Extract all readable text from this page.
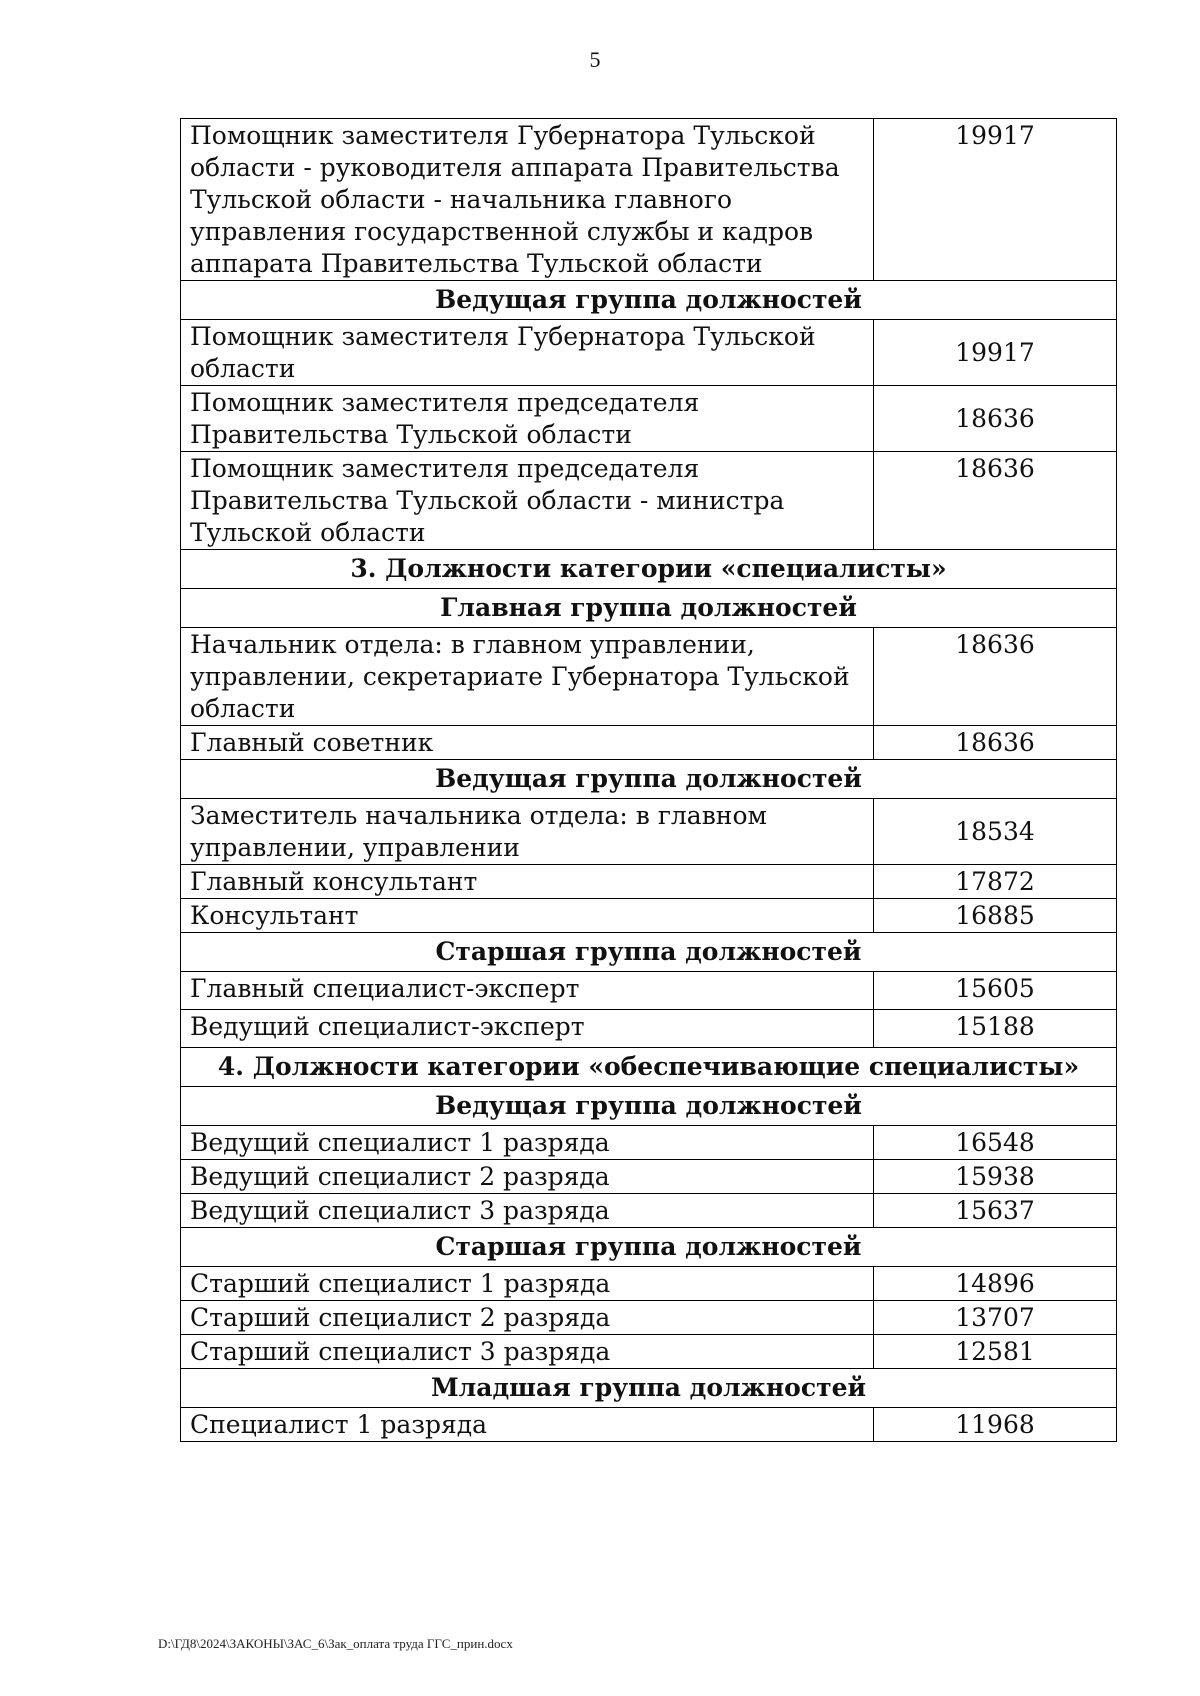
5
Помощник заместителя Губернатора Тульской области - руководителя аппарата Правительства Тульской области - начальника главного управления государственной службы и кадров аппарата Правительства Тульской области	19917
Ведущая группа должностей	
Помощник заместителя Губернатора Тульской области	19917
Помощник заместителя председателя Правительства Тульской области	18636
Помощник заместителя председателя Правительства Тульской области - министра Тульской области	18636
3. Должности категории «специалисты»	
Главная группа должностей	
Начальник отдела: в главном управлении, управлении, секретариате Губернатора Тульской области	18636
Главный советник	18636
Ведущая группа должностей	
Заместитель начальника отдела: в главном управлении, управлении	18534
Главный консультант	17872
Консультант	16885
Старшая группа должностей	
Главный специалист-эксперт	15605
Ведущий специалист-эксперт	15188
4. Должности категории «обеспечивающие специалисты»	
Ведущая группа должностей	
Ведущий специалист 1 разряда	16548
Ведущий специалист 2 разряда	15938
Ведущий специалист 3 разряда	15637
Старшая группа должностей	
Старший специалист 1 разряда	14896
Старший специалист 2 разряда	13707
Старший специалист 3 разряда	12581
Младшая группа должностей	
Специалист 1 разряда	11968
D:\ГД8\2024\ЗАКОНЫ\ЗАС_6\Зак_оплата труда ГГС_прин.docx
